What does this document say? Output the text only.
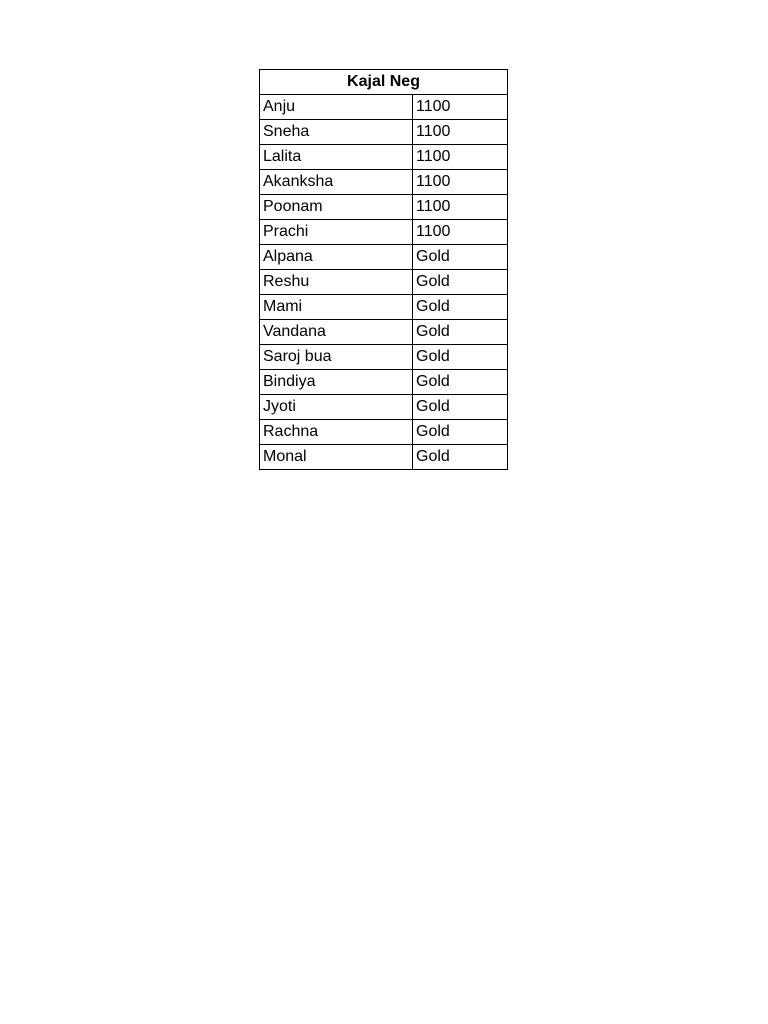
Kajal Neg	
Anju	1100
Sneha	1100
Lalita	1100
Akanksha	1100
Poonam	1100
Prachi	1100
Alpana	Gold
Reshu	Gold
Mami	Gold
Vandana	Gold
Saroj bua	Gold
Bindiya	Gold
Jyoti	Gold
Rachna	Gold
Monal	Gold
